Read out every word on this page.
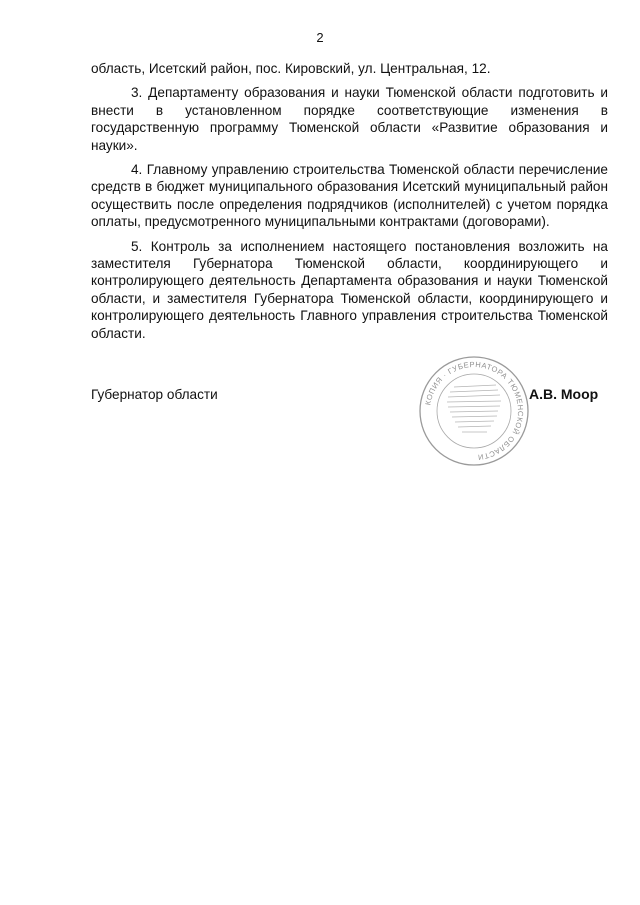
2

область, Исетский район, пос. Кировский, ул. Центральная, 12.

3. Департаменту образования и науки Тюменской области подготовить и внести в установленном порядке соответствующие изменения в государственную программу Тюменской области «Развитие образования и науки».

4. Главному управлению строительства Тюменской области перечисление средств в бюджет муниципального образования Исетский муниципальный район осуществить после определения подрядчиков (исполнителей) с учетом порядка оплаты, предусмотренного муниципальными контрактами (договорами).

5. Контроль за исполнением настоящего постановления возложить на заместителя Губернатора Тюменской области, координирующего и контролирующего деятельность Департамента образования и науки Тюменской области, и заместителя Губернатора Тюменской области, координирующего и контролирующего деятельность Главного управления строительства Тюменской области.

Губернатор области
КОПИЯ · ГУБЕРНАТОРА ТЮМЕНСКОЙ ОБЛАСТИ
А.В. Моор
